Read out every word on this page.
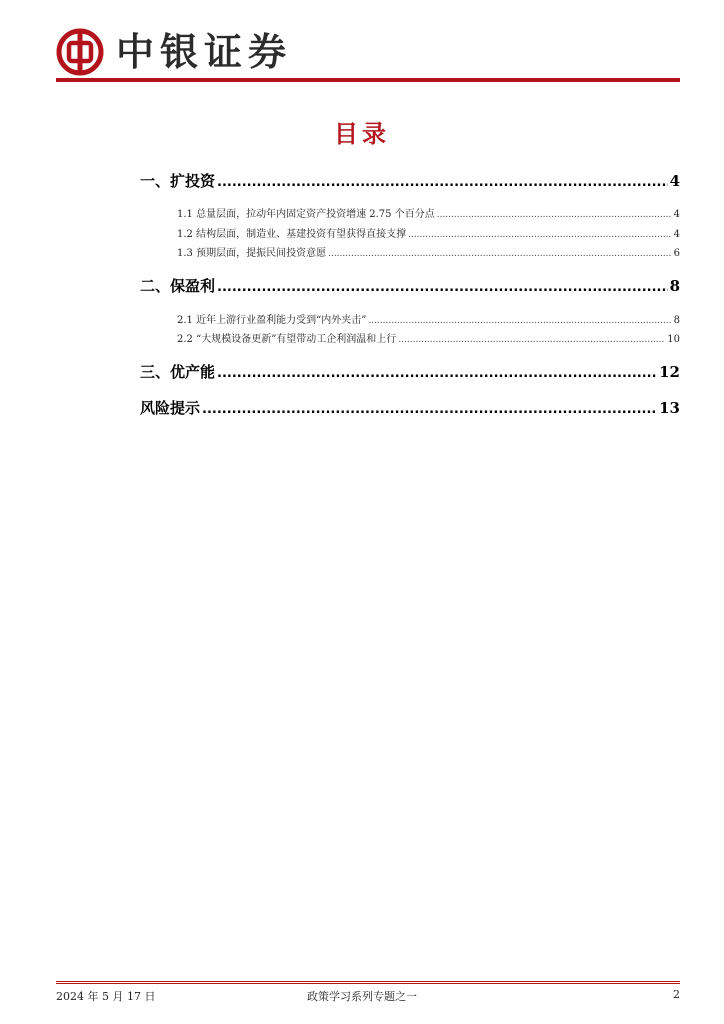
中银证券
目录
一、扩投资 .....	4
1.1 总量层面，拉动年内固定资产投资增速 2.75 个百分点 .....	4
1.2 结构层面，制造业、基建投资有望获得直接支撑 .....	4
1.3 预期层面，提振民间投资意愿 .....	6
二、保盈利 .....	8
2.1 近年上游行业盈利能力受到“内外夹击” .....	8
2.2 “大规模设备更新”有望带动工企利润温和上行 .....	10
三、优产能 .....	12
风险提示 .....	13
2024 年 5 月 17 日	政策学习系列专题之一	2
